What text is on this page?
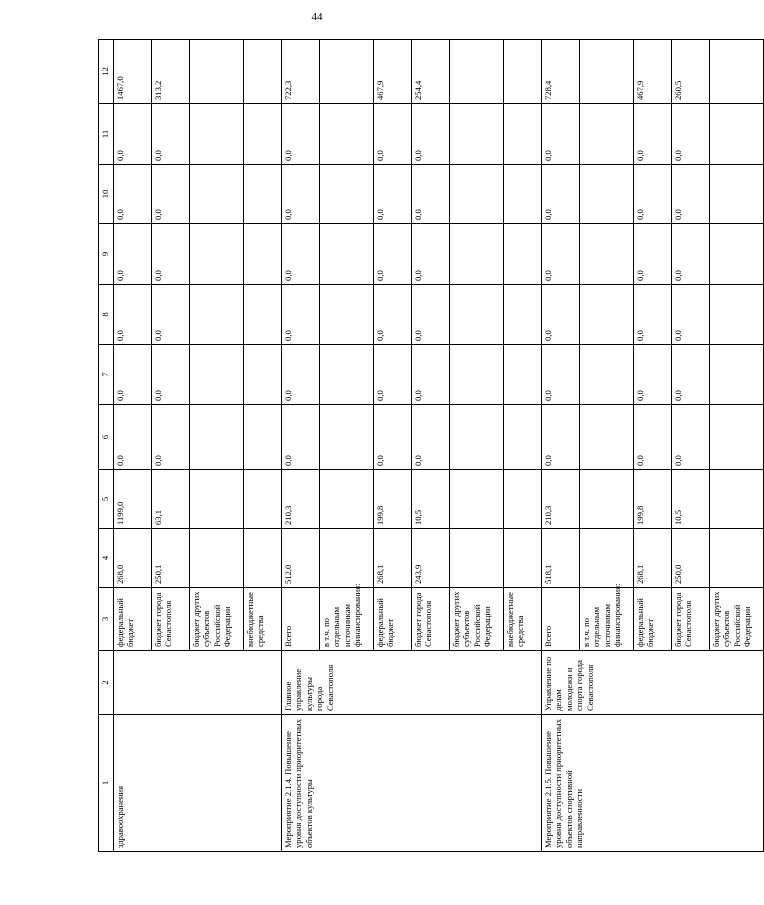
44
1	2	3	4	5	6	7	8	9	10	11	12
здравоохранения		федеральный бюджет	268,0	1199,0	0,0	0,0	0,0	0,0	0,0	0,0	1467,0
		бюджет города Севастополя	250,1	63,1	0,0	0,0	0,0	0,0	0,0	0,0	313,2
		бюджет других субъектов Российской Федерации									
		внебюджетные средства									
Мероприятие 2.1.4. Повышение уровня доступности приоритетных объектов культуры	Главное управление культуры города Севастополя	Всего	512,0	210,3	0,0	0,0	0,0	0,0	0,0	0,0	722,3
		в т.ч. по отдельным источникам финансирования:									
		федеральный бюджет	268,1	199,8	0,0	0,0	0,0	0,0	0,0	0,0	467,9
		бюджет города Севастополя	243,9	10,5	0,0	0,0	0,0	0,0	0,0	0,0	254,4
		бюджет других субъектов Российской Федерации									
		внебюджетные средства									
Мероприятие 2.1.5. Повышение уровня доступности приоритетных объектов спортивной направленности	Управление по делам молодежи и спорта города Севастополя	Всего	518,1	210,3	0,0	0,0	0,0	0,0	0,0	0,0	728,4
		в т.ч. по отдельным источникам финансирования:									
		федеральный бюджет	268,1	199,8	0,0	0,0	0,0	0,0	0,0	0,0	467,9
		бюджет города Севастополя	250,0	10,5	0,0	0,0	0,0	0,0	0,0	0,0	260,5
		бюджет других субъектов Российской Федерации									
